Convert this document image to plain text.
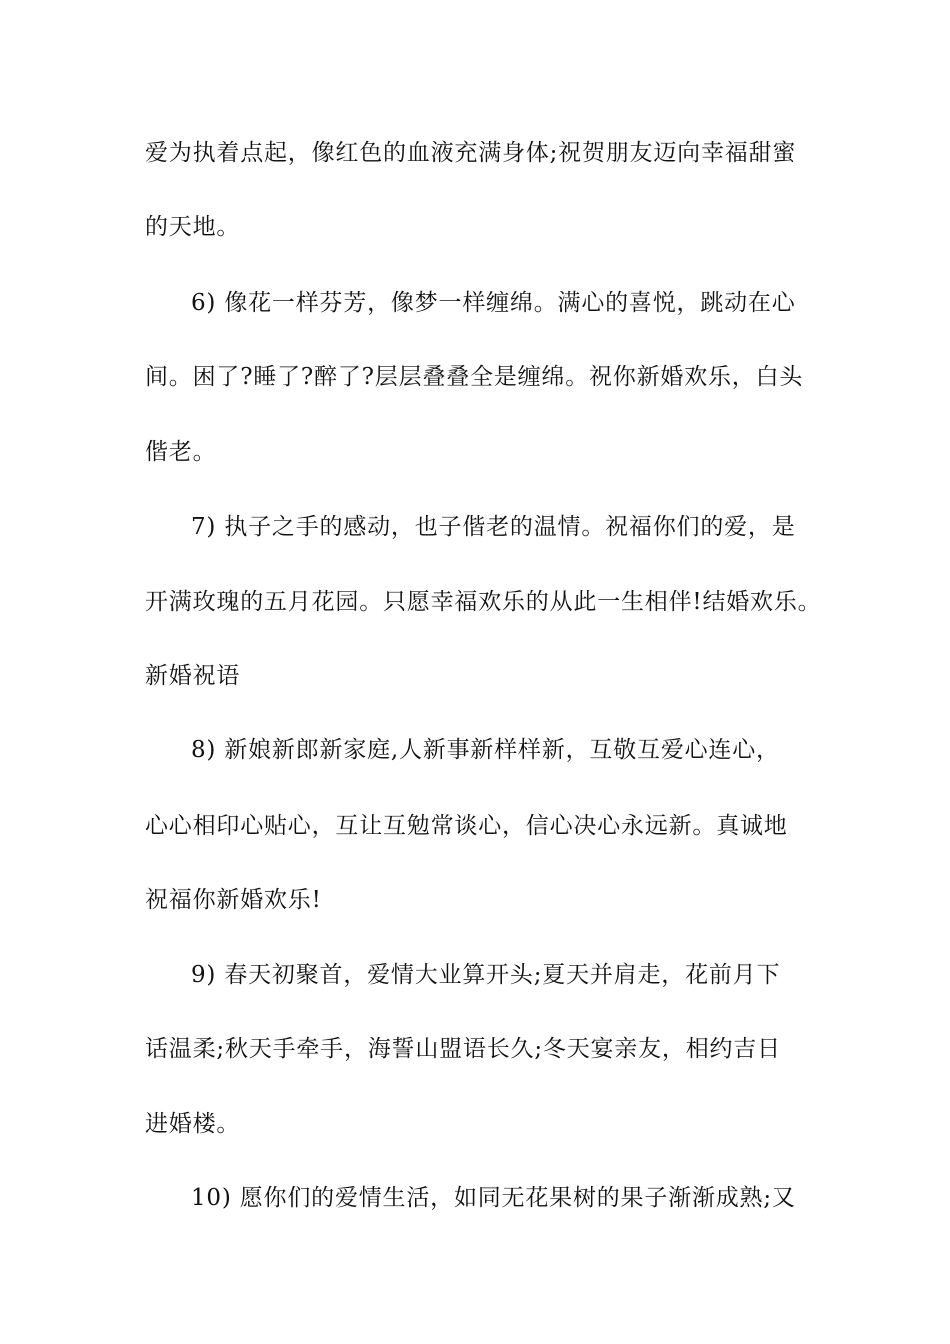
爱为执着点起，像红色的血液充满身体;祝贺朋友迈向幸福甜蜜
的天地。
6) 像花一样芬芳，像梦一样缠绵。满心的喜悦，跳动在心
间。困了?睡了?醉了?层层叠叠全是缠绵。祝你新婚欢乐，白头
偕老。
7) 执子之手的感动，也子偕老的温情。祝福你们的爱，是
开满玫瑰的五月花园。只愿幸福欢乐的从此一生相伴!结婚欢乐。
新婚祝语
8) 新娘新郎新家庭,人新事新样样新，互敬互爱心连心，
心心相印心贴心，互让互勉常谈心，信心决心永远新。真诚地
祝福你新婚欢乐!
9) 春天初聚首，爱情大业算开头;夏天并肩走，花前月下
话温柔;秋天手牵手，海誓山盟语长久;冬天宴亲友，相约吉日
进婚楼。
10) 愿你们的爱情生活，如同无花果树的果子渐渐成熟;又
